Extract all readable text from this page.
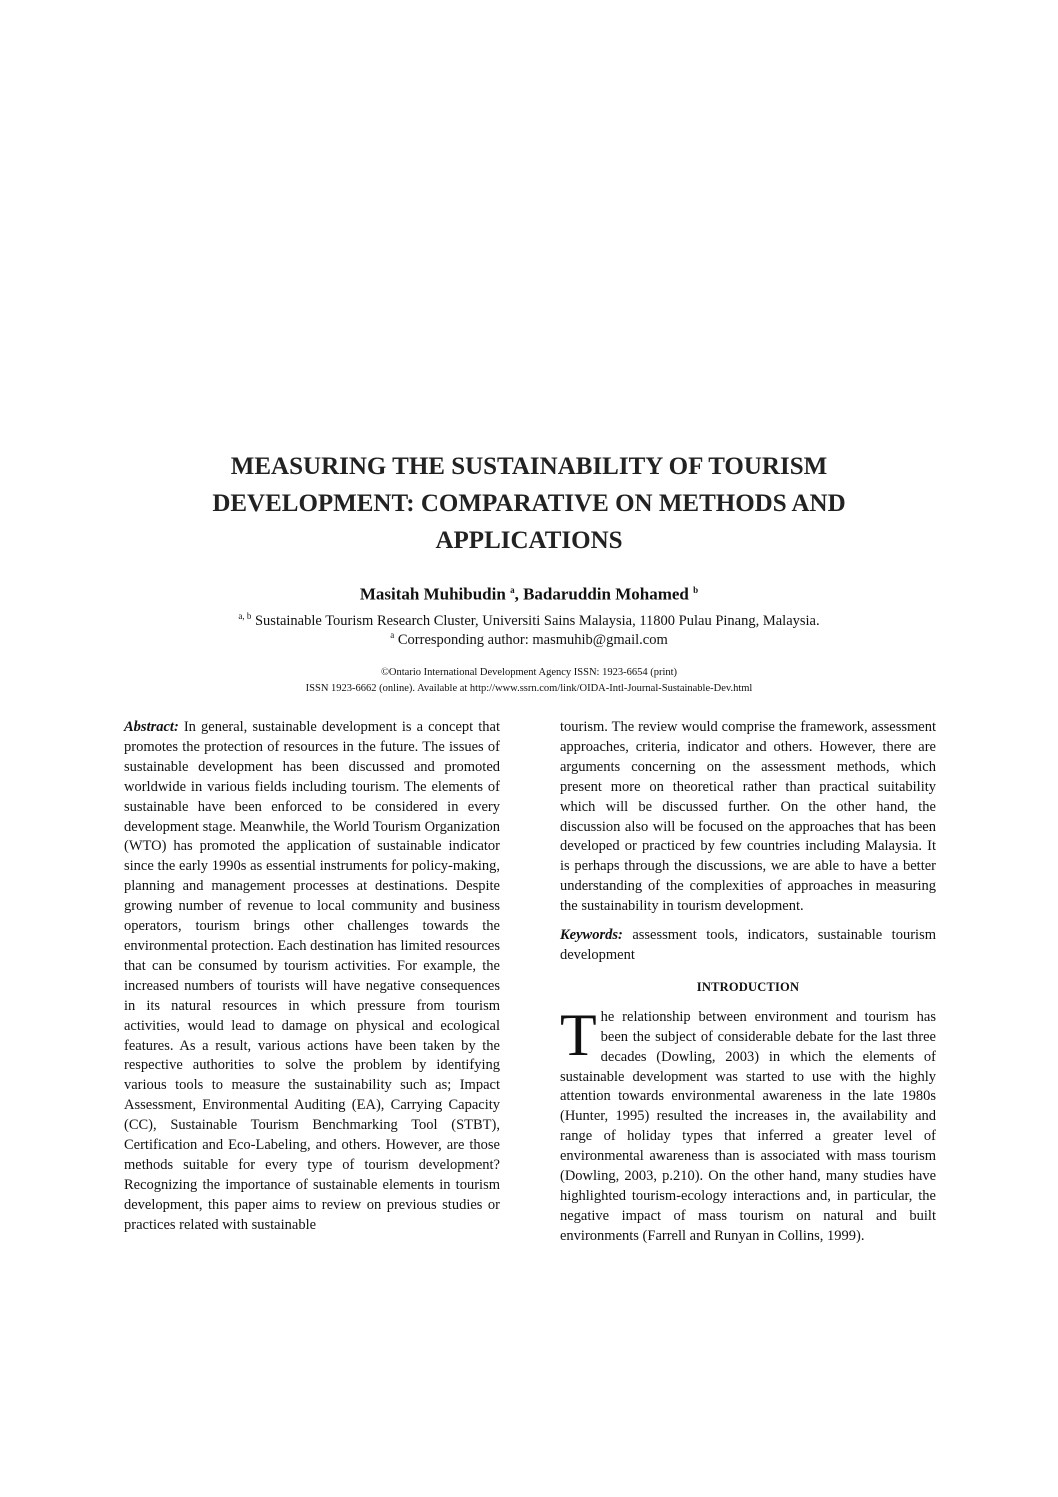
MEASURING THE SUSTAINABILITY OF TOURISM
DEVELOPMENT: COMPARATIVE ON METHODS AND
APPLICATIONS
Masitah Muhibudin $^a$, Badaruddin Mohamed $^b$
$^{a, b}$ Sustainable Tourism Research Cluster, Universiti Sains Malaysia, 11800 Pulau Pinang, Malaysia.
$^a$ Corresponding author: masmuhib@gmail.com
©Ontario International Development Agency ISSN: 1923-6654 (print)
ISSN 1923-6662 (online). Available at http://www.ssrn.com/link/OIDA-Intl-Journal-Sustainable-Dev.html

Abstract: In general, sustainable development is a concept that promotes the protection of resources in the future. The issues of sustainable development has been discussed and promoted worldwide in various fields including tourism. The elements of sustainable have been enforced to be considered in every development stage. Meanwhile, the World Tourism Organization (WTO) has promoted the application of sustainable indicator since the early 1990s as essential instruments for policy-making, planning and management processes at destinations. Despite growing number of revenue to local community and business operators, tourism brings other challenges towards the environmental protection. Each destination has limited resources that can be consumed by tourism activities. For example, the increased numbers of tourists will have negative consequences in its natural resources in which pressure from tourism activities, would lead to damage on physical and ecological features. As a result, various actions have been taken by the respective authorities to solve the problem by identifying various tools to measure the sustainability such as; Impact Assessment, Environmental Auditing (EA), Carrying Capacity (CC), Sustainable Tourism Benchmarking Tool (STBT), Certification and Eco-Labeling, and others. However, are those methods suitable for every type of tourism development? Recognizing the importance of sustainable elements in tourism development, this paper aims to review on previous studies or practices related with sustainable

tourism. The review would comprise the framework, assessment approaches, criteria, indicator and others. However, there are arguments concerning on the assessment methods, which present more on theoretical rather than practical suitability which will be discussed further. On the other hand, the discussion also will be focused on the approaches that has been developed or practiced by few countries including Malaysia. It is perhaps through the discussions, we are able to have a better understanding of the complexities of approaches in measuring the sustainability in tourism development.

Keywords: assessment tools, indicators, sustainable tourism development

INTRODUCTION

The relationship between environment and tourism has been the subject of considerable debate for the last three decades (Dowling, 2003) in which the elements of sustainable development was started to use with the highly attention towards environmental awareness in the late 1980s (Hunter, 1995) resulted the increases in, the availability and range of holiday types that inferred a greater level of environmental awareness than is associated with mass tourism (Dowling, 2003, p.210). On the other hand, many studies have highlighted tourism-ecology interactions and, in particular, the negative impact of mass tourism on natural and built environments (Farrell and Runyan in Collins, 1999).
